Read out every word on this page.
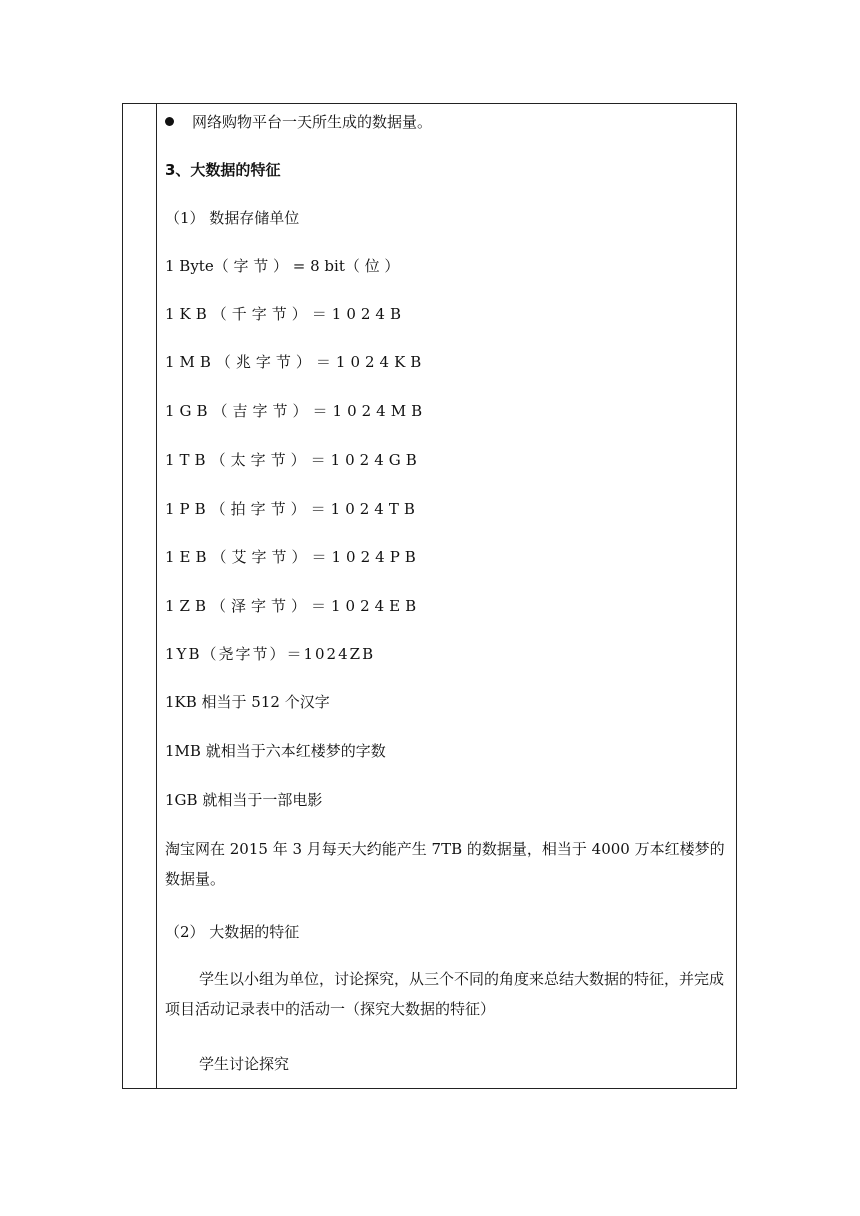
网络购物平台一天所生成的数据量。
3、大数据的特征
（1） 数据存储单位
1 Byte（ 字 节 ） = 8 bit（ 位 ）
1KB（千字节）＝1024B
1MB（兆字节）＝1024KB
1GB（吉字节）＝1024MB
1TB（太字节）＝1024GB
1PB（拍字节）＝1024TB
1EB（艾字节）＝1024PB
1ZB（泽字节）＝1024EB
1YB（尧字节）＝1024ZB
1KB 相当于 512 个汉字
1MB 就相当于六本红楼梦的字数
1GB 就相当于一部电影
淘宝网在 2015 年 3 月每天大约能产生 7TB 的数据量，相当于 4000 万本红楼梦的数据量。
（2） 大数据的特征
学生以小组为单位，讨论探究，从三个不同的角度来总结大数据的特征，并完成项目活动记录表中的活动一（探究大数据的特征）
学生讨论探究
